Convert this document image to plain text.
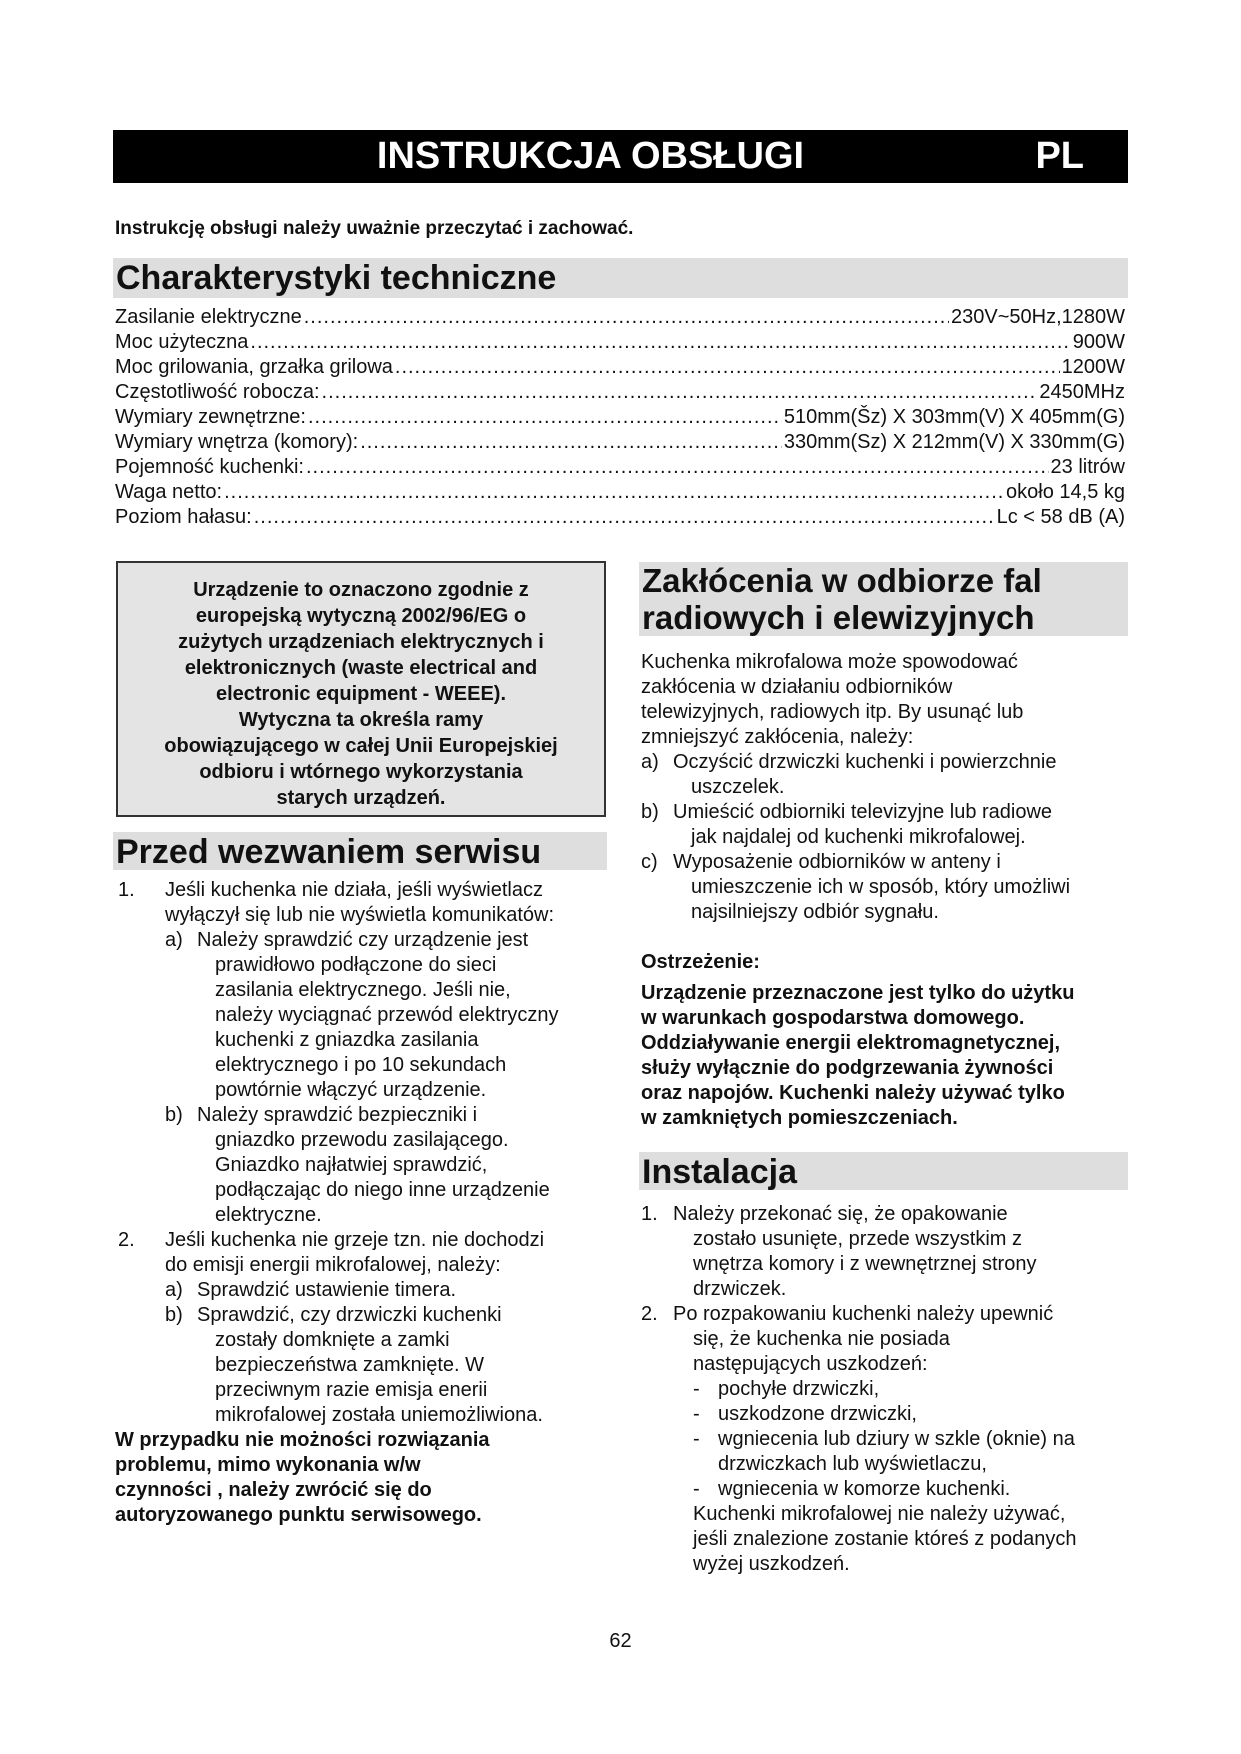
INSTRUKCJA OBSŁUGI	PL
Instrukcję obsługi należy uważnie przeczytać i zachować.
Charakterystyki techniczne
Zasilanie elektryczne .....	230V~50Hz,1280W
Moc użyteczna .....	900W
Moc grilowania, grzałka grilowa .....	1200W
Częstotliwość robocza: .....	2450MHz
Wymiary zewnętrzne: .....	510mm(Šz) X 303mm(V) X 405mm(G)
Wymiary wnętrza (komory): .....	330mm(Sz) X 212mm(V) X 330mm(G)
Pojemność kuchenki: .....	23 litrów
Waga netto: .....	około 14,5 kg
Poziom hałasu: .....	Lc < 58 dB (A)
Urządzenie to oznaczono zgodnie z
europejską wytyczną 2002/96/EG o
zużytych urządzeniach elektrycznych i
elektronicznych (waste electrical and
electronic equipment - WEEE).
Wytyczna ta określa ramy
obowiązującego w całej Unii Europejskiej
odbioru i wtórnego wykorzystania
starych urządzeń.
Przed wezwaniem serwisu
1. Jeśli kuchenka nie działa, jeśli wyświetlacz
wyłączył się lub nie wyświetla komunikatów:
a) Należy sprawdzić czy urządzenie jest
prawidłowo podłączone do sieci
zasilania elektrycznego. Jeśli nie,
należy wyciągnać przewód elektryczny
kuchenki z gniazdka zasilania
elektrycznego i po 10 sekundach
powtórnie włączyć urządzenie.
b) Należy sprawdzić bezpieczniki i
gniazdko przewodu zasilającego.
Gniazdko najłatwiej sprawdzić,
podłączając do niego inne urządzenie
elektryczne.
2. Jeśli kuchenka nie grzeje tzn. nie dochodzi
do emisji energii mikrofalowej, należy:
a) Sprawdzić ustawienie timera.
b) Sprawdzić, czy drzwiczki kuchenki
zostały domknięte a zamki
bezpieczeństwa zamknięte. W
przeciwnym razie emisja enerii
mikrofalowej została uniemożliwiona.
W przypadku nie możności rozwiązania
problemu, mimo wykonania w/w
czynności , należy zwrócić się do
autoryzowanego punktu serwisowego.
Zakłócenia w odbiorze fal
radiowych i elewizyjnych
Kuchenka mikrofalowa może spowodować
zakłócenia w działaniu odbiorników
telewizyjnych, radiowych itp. By usunąć lub
zmniejszyć zakłócenia, należy:
a) Oczyścić drzwiczki kuchenki i powierzchnie
uszczelek.
b) Umieścić odbiorniki televizyjne lub radiowe
jak najdalej od kuchenki mikrofalowej.
c) Wyposażenie odbiorników w anteny i
umieszczenie ich w sposób, który umożliwi
najsilniejszy odbiór sygnału.
Ostrzeżenie:
Urządzenie przeznaczone jest tylko do użytku
w warunkach gospodarstwa domowego.
Oddziaływanie energii elektromagnetycznej,
służy wyłącznie do podgrzewania żywności
oraz napojów. Kuchenki należy używać tylko
w zamkniętych pomieszczeniach.
Instalacja
1. Należy przekonać się, że opakowanie
zostało usunięte, przede wszystkim z
wnętrza komory i z wewnętrznej strony
drzwiczek.
2. Po rozpakowaniu kuchenki należy upewnić
się, że kuchenka nie posiada
następujących uszkodzeń:
- pochyłe drzwiczki,
- uszkodzone drzwiczki,
- wgniecenia lub dziury w szkle (oknie) na
drzwiczkach lub wyświetlaczu,
- wgniecenia w komorze kuchenki.
Kuchenki mikrofalowej nie należy używać,
jeśli znalezione zostanie któreś z podanych
wyżej uszkodzeń.
62
